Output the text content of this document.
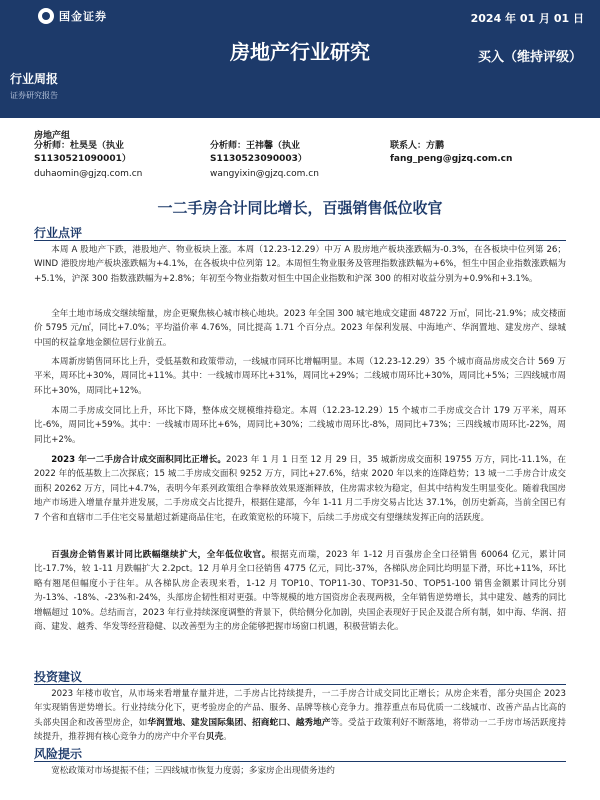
国金证券	2024 年 01 月 01 日
房地产行业研究	买入（维持评级）
行业周报
证券研究报告
房地产组
分析师：杜昊旻（执业
S1130521090001）
duhaomin@gjzq.com.cn
分析师：王祎馨（执业
S1130523090003）
wangyixin@gjzq.com.cn
联系人：方鹏
fang_peng@gjzq.com.cn
一二手房合计同比增长，百强销售低位收官
行业点评

本周 A 股地产下跌，港股地产、物业板块上涨。本周（12.23-12.29）中万 A 股房地产板块涨跌幅为-0.3%，在各板块中位列第 26；WIND 港股房地产板块涨跌幅为+4.1%，在各板块中位列第 12。本周恒生物业服务及管理指数涨跌幅为+6%，恒生中国企业指数涨跌幅为+5.1%，沪深 300 指数涨跌幅为+2.8%；年初至今物业指数对恒生中国企业指数和沪深 300 的相对收益分别为+0.9%和+3.1%。

全年土地市场成交继续缩量，房企更聚焦核心城市核心地块。2023 年全国 300 城宅地成交建面 48722 万㎡，同比-21.9%；成交楼面价 5795 元/㎡，同比+7.0%；平均溢价率 4.76%，同比提高 1.71 个百分点。2023 年保利发展、中海地产、华润置地、建发房产、绿城中国的权益拿地金额位居行业前五。

本周新房销售同环比上升，受低基数和政策带动，一线城市同环比增幅明显。本周（12.23-12.29）35 个城市商品房成交合计 569 万平米，周环比+30%，周同比+11%。其中：一线城市周环比+31%，周同比+29%；二线城市周环比+30%，周同比+5%；三四线城市周环比+30%，周同比+12%。

本周二手房成交同比上升，环比下降，整体成交规模维持稳定。本周（12.23-12.29）15 个城市二手房成交合计 179 万平米，周环比-6%，周同比+59%。其中：一线城市周环比+6%，周同比+30%；二线城市周环比-8%，周同比+73%；三四线城市周环比-22%，周同比+2%。

2023 年一二手房合计成交面积同比正增长。2023 年 1 月 1 日至 12 月 29 日，35 城新房成交面积 19755 万方，同比-11.1%，在 2022 年的低基数上二次探底；15 城二手房成交面积 9252 万方，同比+27.6%，结束 2020 年以来的连降趋势；13 城一二手房合计成交面积 20262 万方，同比+4.7%，表明今年系列政策组合拳释放效果逐渐释放，住房需求较为稳定，但其中结构发生明显变化。随着我国房地产市场进入增量存量并进发展，二手房成交占比提升，根据住建部，今年 1-11 月二手房交易占比达 37.1%，创历史新高，当前全国已有 7 个省和直辖市二手住宅交易量超过新建商品住宅，在政策宽松的环境下，后续二手房成交有望继续发挥正向的活跃度。

百强房企销售累计同比跌幅继续扩大，全年低位收官。根据克而瑞，2023 年 1-12 月百强房企全口径销售 60064 亿元，累计同比-17.7%，较 1-11 月跌幅扩大 2.2pct。12 月单月全口径销售 4775 亿元，同比-37%，各梯队房企同比均明显下滑，环比+11%，环比略有翘尾但幅度小于往年。从各梯队房企表现来看，1-12 月 TOP10、TOP11-30、TOP31-50、TOP51-100 销售金额累计同比分别为-13%、-18%、-23%和-24%，头部房企韧性相对更强。中等规模的地方国资房企表现两极，全年销售逆势增长，其中建发、越秀的同比增幅超过 10%。总结而言，2023 年行业持续深度调整的背景下，供给侧分化加剧，央国企表现好于民企及混合所有制，如中海、华润、招商、建发、越秀、华发等经营稳健、以改善型为主的房企能够把握市场窗口机遇，积极营销去化。

投资建议

2023 年楼市收官，从市场来看增量存量并进，二手房占比持续提升，一二手房合计成交同比正增长；从房企来看，部分央国企 2023 年实现销售逆势增长。行业持续分化下，更考验房企的产品、服务、品牌等核心竞争力。推荐重点布局优质一二线城市、改善产品占比高的头部央国企和改善型房企，如华润置地、建发国际集团、招商蛇口、越秀地产等。受益于政策利好不断落地，将带动一二手房市场活跃度持续提升，推荐拥有核心竞争力的房产中介平台贝壳。

风险提示

宽松政策对市场提振不佳；三四线城市恢复力度弱；多家房企出现债务违约
